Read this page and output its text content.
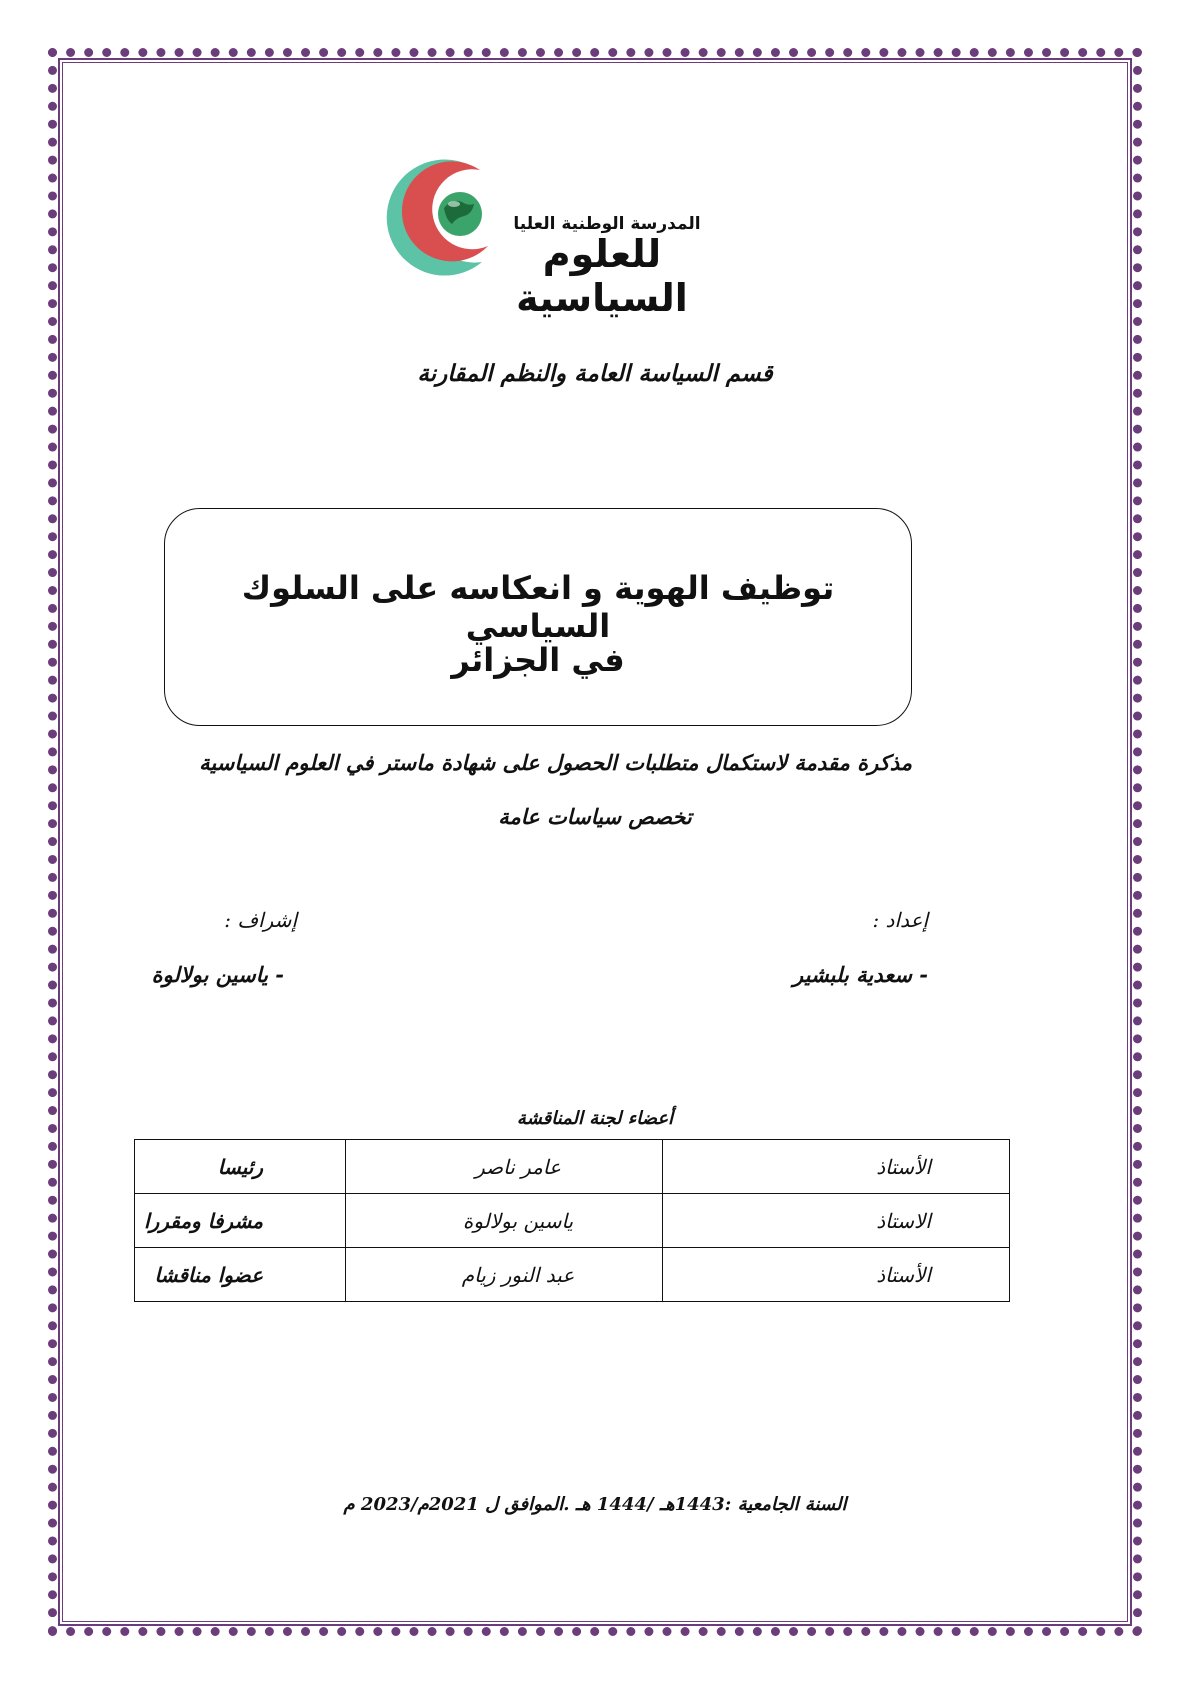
المدرسة الوطنية العليا
للعلوم السياسية
قسم السياسة العامة والنظم المقارنة
توظيف الهوية و انعكاسه على السلوك السياسي
في الجزائر
مذكرة مقدمة لاستكمال متطلبات الحصول على شهادة ماستر في العلوم السياسية
تخصص سياسات عامة
إعداد :
- سعدية بلبشير
إشراف :
- ياسين بولالوة
أعضاء لجنة المناقشة
الأستاذ	عامر ناصر	رئيسا
الاستاذ	ياسين بولالوة	مشرفا ومقررا
الأستاذ	عبد النور زيام	عضوا مناقشا
السنة الجامعية :1443هـ /1444 هـ .الموافق ل 2021م/2023 م
